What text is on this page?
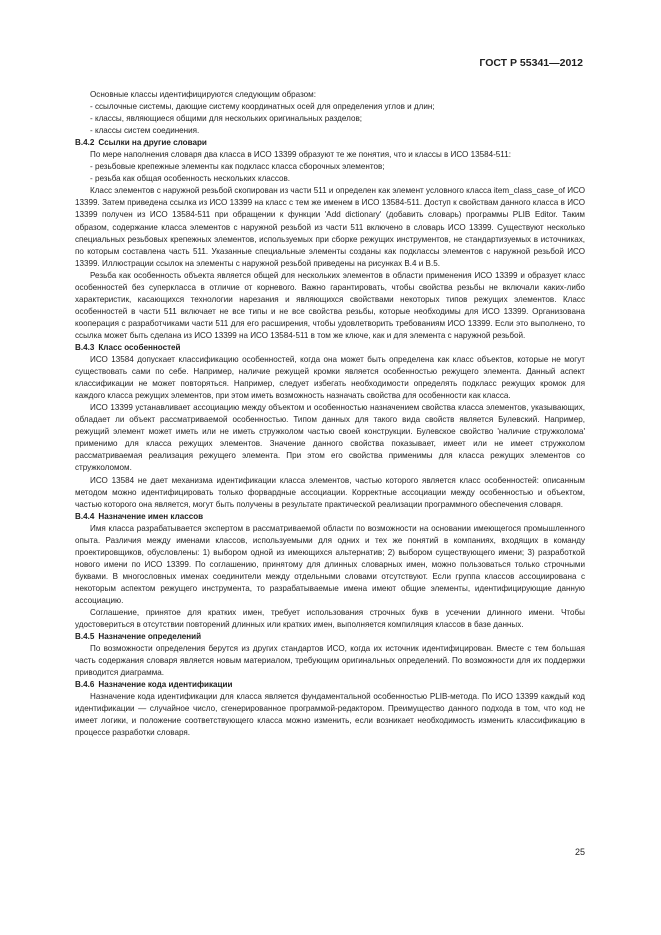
ГОСТ Р 55341—2012

Основные классы идентифицируются следующим образом:

- ссылочные системы, дающие систему координатных осей для определения углов и длин;

- классы, являющиеся общими для нескольких оригинальных разделов;

- классы систем соединения.

В.4.2 Ссылки на другие словари

По мере наполнения словаря два класса в ИСО 13399 образуют те же понятия, что и классы в ИСО 13584-511:

- резьбовые крепежные элементы как подкласс класса сборочных элементов;

- резьба как общая особенность нескольких классов.

Класс элементов с наружной резьбой скопирован из части 511 и определен как элемент условного класса item_class_case_of ИСО 13399. Затем приведена ссылка из ИСО 13399 на класс с тем же именем в ИСО 13584-511. Доступ к свойствам данного класса в ИСО 13399 получен из ИСО 13584-511 при обращении к функции 'Add dictionary' (добавить словарь) программы PLIB Editor. Таким образом, содержание класса элементов с наружной резьбой из части 511 включено в словарь ИСО 13399. Существуют несколько специальных резьбовых крепежных элементов, используемых при сборке режущих инструментов, не стандартизуемых в источниках, по которым составлена часть 511. Указанные специальные элементы созданы как подклассы элементов с наружной резьбой ИСО 13399. Иллюстрации ссылок на элементы с наружной резьбой приведены на рисунках В.4 и В.5.

Резьба как особенность объекта является общей для нескольких элементов в области применения ИСО 13399 и образует класс особенностей без суперкласса в отличие от корневого. Важно гарантировать, чтобы свойства резьбы не включали каких-либо характеристик, касающихся технологии нарезания и являющихся свойствами некоторых типов режущих элементов. Класс особенностей в части 511 включает не все типы и не все свойства резьбы, которые необходимы для ИСО 13399. Организована кооперация с разработчиками части 511 для его расширения, чтобы удовлетворить требованиям ИСО 13399. Если это выполнено, то ссылка может быть сделана из ИСО 13399 на ИСО 13584-511 в том же ключе, как и для элемента с наружной резьбой.

В.4.3 Класс особенностей

ИСО 13584 допускает классификацию особенностей, когда она может быть определена как класс объектов, которые не могут существовать сами по себе. Например, наличие режущей кромки является особенностью режущего элемента. Данный аспект классификации не может повторяться. Например, следует избегать необходимости определять подкласс режущих кромок для каждого класса режущих элементов, при этом иметь возможность назначать свойства для особенности как класса.

ИСО 13399 устанавливает ассоциацию между объектом и особенностью назначением свойства класса элементов, указывающих, обладает ли объект рассматриваемой особенностью. Типом данных для такого вида свойств является Булевский. Например, режущий элемент может иметь или не иметь стружколом частью своей конструкции. Булевское свойство 'наличие стружколома' применимо для класса режущих элементов. Значение данного свойства показывает, имеет или не имеет стружколом рассматриваемая реализация режущего элемента. При этом его свойства применимы для класса режущих элементов со стружколомом.

ИСО 13584 не дает механизма идентификации класса элементов, частью которого является класс особенностей: описанным методом можно идентифицировать только форвардные ассоциации. Корректные ассоциации между особенностью и объектом, частью которого она является, могут быть получены в результате практической реализации программного обеспечения словаря.

В.4.4 Назначение имен классов

Имя класса разрабатывается экспертом в рассматриваемой области по возможности на основании имеющегося промышленного опыта. Различия между именами классов, используемыми для одних и тех же понятий в компаниях, входящих в команду проектировщиков, обусловлены: 1) выбором одной из имеющихся альтернатив; 2) выбором существующего имени; 3) разработкой нового имени по ИСО 13399. По соглашению, принятому для длинных словарных имен, можно пользоваться только строчными буквами. В многословных именах соединители между отдельными словами отсутствуют. Если группа классов ассоциирована с некоторым аспектом режущего инструмента, то разрабатываемые имена имеют общие элементы, идентифицирующие данную ассоциацию.

Соглашение, принятое для кратких имен, требует использования строчных букв в усечении длинного имени. Чтобы удостовериться в отсутствии повторений длинных или кратких имен, выполняется компиляция классов в базе данных.

В.4.5 Назначение определений

По возможности определения берутся из других стандартов ИСО, когда их источник идентифицирован. Вместе с тем большая часть содержания словаря является новым материалом, требующим оригинальных определений. По возможности для их поддержки приводится диаграмма.

В.4.6 Назначение кода идентификации

Назначение кода идентификации для класса является фундаментальной особенностью PLIB-метода. По ИСО 13399 каждый код идентификации — случайное число, сгенерированное программой-редактором. Преимущество данного подхода в том, что код не имеет логики, и положение соответствующего класса можно изменить, если возникает необходимость изменить классификацию в процессе разработки словаря.

25
